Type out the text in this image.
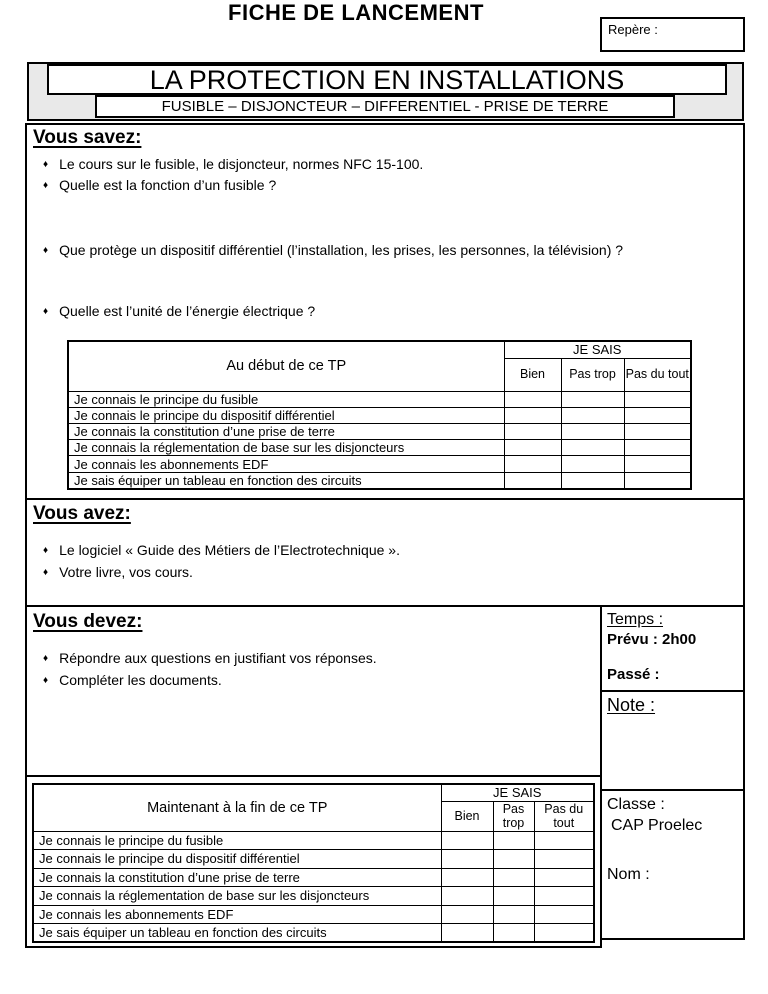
FICHE DE LANCEMENT
Repère :
LA PROTECTION EN INSTALLATIONS
FUSIBLE – DISJONCTEUR – DIFFERENTIEL - PRISE DE TERRE
Vous savez:
♦ Le cours sur le fusible, le disjoncteur, normes NFC 15-100.
♦ Quelle est la fonction d’un fusible ?
♦ Que protège un dispositif différentiel (l’installation, les prises, les personnes, la télévision) ?
♦ Quelle est l’unité de l’énergie électrique ?
Au début de ce TP	JE SAIS		
	Bien	Pas trop	Pas du tout
Je connais le principe du fusible			
Je connais le principe du dispositif différentiel			
Je connais la constitution d’une prise de terre			
Je connais la réglementation de base sur les disjoncteurs			
Je connais les abonnements EDF			
Je sais équiper un tableau en fonction des circuits			
Vous avez:
♦ Le logiciel « Guide des Métiers de l’Electrotechnique ».
♦ Votre livre, vos cours.
Vous devez:
♦ Répondre aux questions en justifiant vos réponses.
♦ Compléter les documents.
Temps :
Prévu : 2h00
Passé :
Note :
Classe :
CAP Proelec
Nom :
Maintenant à la fin de ce TP	JE SAIS		
	Bien	Pas trop	Pas du tout
Je connais le principe du fusible			
Je connais le principe du dispositif différentiel			
Je connais la constitution d’une prise de terre			
Je connais la réglementation de base sur les disjoncteurs			
Je connais les abonnements EDF			
Je sais équiper un tableau en fonction des circuits			
